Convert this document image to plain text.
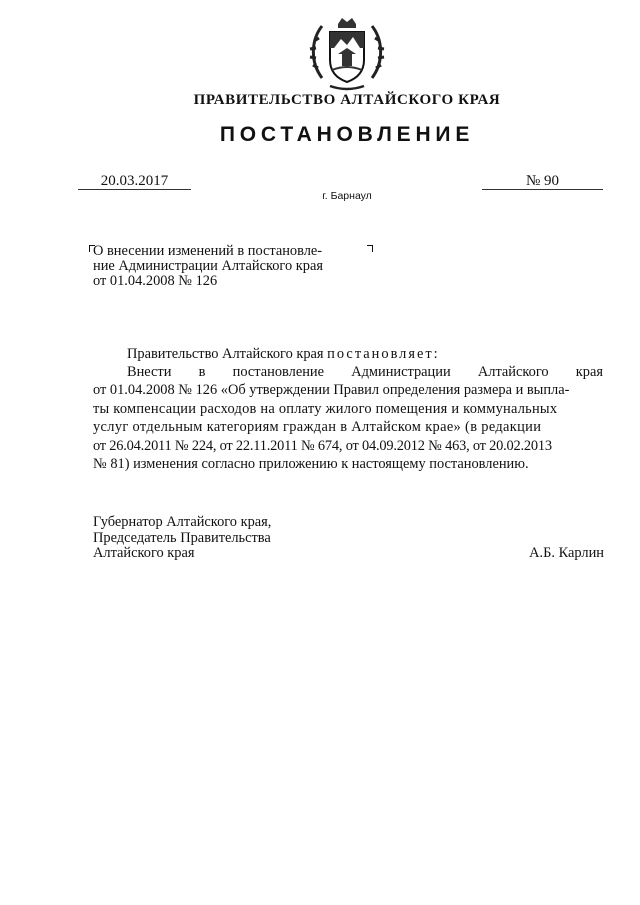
ПРАВИТЕЛЬСТВО АЛТАЙСКОГО КРАЯ
ПОСТАНОВЛЕНИЕ
20.03.2017	№ 90
г. Барнаул
О внесении изменений в постановле-
ние Администрации Алтайского края
от 01.04.2008 № 126
Правительство Алтайского края постановляет:
Внести в постановление Администрации Алтайского края
от 01.04.2008 № 126 «Об утверждении Правил определения размера и выпла-
ты компенсации расходов на оплату жилого помещения и коммунальных
услуг отдельным категориям граждан в Алтайском крае» (в редакции
от 26.04.2011 № 224, от 22.11.2011 № 674, от 04.09.2012 № 463, от 20.02.2013
№ 81) изменения согласно приложению к настоящему постановлению.
Губернатор Алтайского края,
Председатель Правительства
Алтайского края	А.Б. Карлин
